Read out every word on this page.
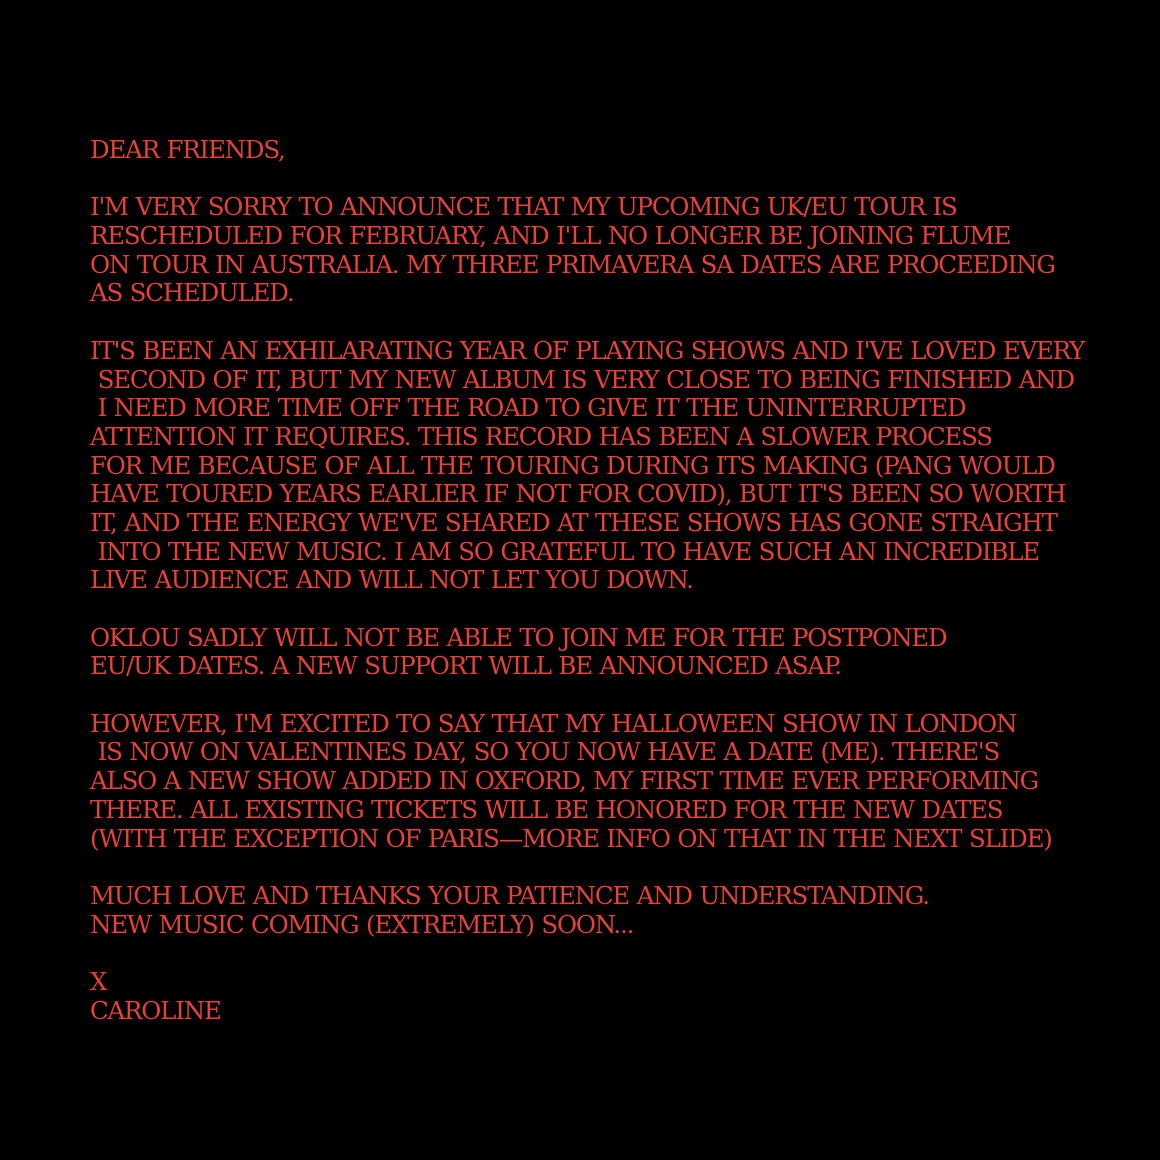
DEAR FRIENDS,

I'M VERY SORRY TO ANNOUNCE THAT MY UPCOMING UK/EU TOUR IS
RESCHEDULED FOR FEBRUARY, AND I'LL NO LONGER BE JOINING FLUME
ON TOUR IN AUSTRALIA. MY THREE PRIMAVERA SA DATES ARE PROCEEDING
AS SCHEDULED.

IT'S BEEN AN EXHILARATING YEAR OF PLAYING SHOWS AND I'VE LOVED EVERY
SECOND OF IT, BUT MY NEW ALBUM IS VERY CLOSE TO BEING FINISHED AND
I NEED MORE TIME OFF THE ROAD TO GIVE IT THE UNINTERRUPTED
ATTENTION IT REQUIRES. THIS RECORD HAS BEEN A SLOWER PROCESS
FOR ME BECAUSE OF ALL THE TOURING DURING ITS MAKING (PANG WOULD
HAVE TOURED YEARS EARLIER IF NOT FOR COVID), BUT IT'S BEEN SO WORTH
IT, AND THE ENERGY WE'VE SHARED AT THESE SHOWS HAS GONE STRAIGHT
INTO THE NEW MUSIC. I AM SO GRATEFUL TO HAVE SUCH AN INCREDIBLE
LIVE AUDIENCE AND WILL NOT LET YOU DOWN.

OKLOU SADLY WILL NOT BE ABLE TO JOIN ME FOR THE POSTPONED
EU/UK DATES. A NEW SUPPORT WILL BE ANNOUNCED ASAP.

HOWEVER, I'M EXCITED TO SAY THAT MY HALLOWEEN SHOW IN LONDON
IS NOW ON VALENTINES DAY, SO YOU NOW HAVE A DATE (ME). THERE'S
ALSO A NEW SHOW ADDED IN OXFORD, MY FIRST TIME EVER PERFORMING
THERE. ALL EXISTING TICKETS WILL BE HONORED FOR THE NEW DATES
(WITH THE EXCEPTION OF PARIS—MORE INFO ON THAT IN THE NEXT SLIDE)

MUCH LOVE AND THANKS YOUR PATIENCE AND UNDERSTANDING.
NEW MUSIC COMING (EXTREMELY) SOON...

X
CAROLINE
